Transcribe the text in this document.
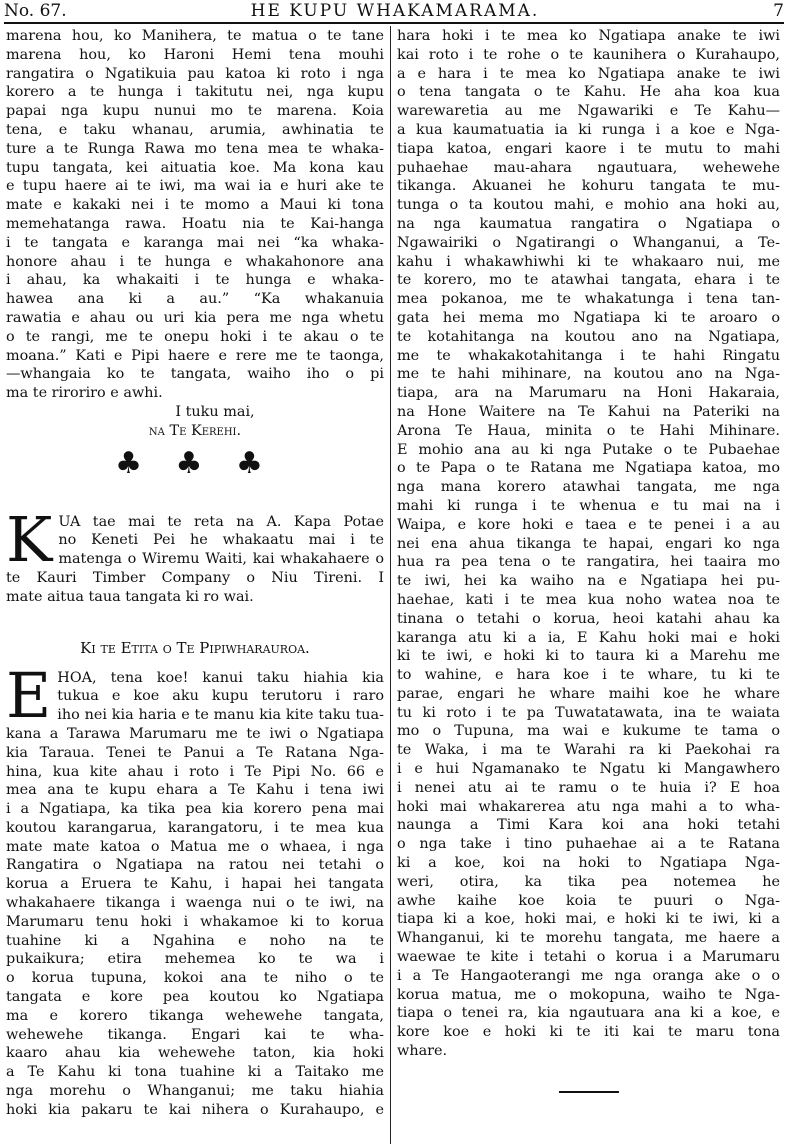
No. 67.	HE KUPU WHAKAMARAMA.	7
marena hou, ko Manihera, te matua o te tane
marena hou, ko Haroni Hemi tena mouhi
rangatira o Ngatikuia pau katoa ki roto i nga
korero a te hunga i takitutu nei, nga kupu
papai nga kupu nunui mo te marena. Koia
tena, e taku whanau, arumia, awhinatia te
ture a te Runga Rawa mo tena mea te whaka-
tupu tangata, kei aituatia koe. Ma kona kau
e tupu haere ai te iwi, ma wai ia e huri ake te
mate e kakaki nei i te momo a Maui ki tona
memehatanga rawa. Hoatu nia te Kai-hanga
i te tangata e karanga mai nei “ka whaka-
honore ahau i te hunga e whakahonore ana
i ahau, ka whakaiti i te hunga e whaka-
hawea ana ki a au.” “Ka whakanuia
rawatia e ahau ou uri kia pera me nga whetu
o te rangi, me te onepu hoki i te akau o te
moana.” Kati e Pipi haere e rere me te taonga,
—whangaia ko te tangata, waiho iho o pi
ma te riroriro e awhi.
I tuku mai,
na Te Kerehi.
♣ ♣ ♣
K UA tae mai te reta na A. Kapa Potae
no Keneti Pei he whakaatu mai i te
matenga o Wiremu Waiti, kai whakahaere o
te Kauri Timber Company o Niu Tireni. I
mate aitua taua tangata ki ro wai.
Ki te Etita o Te Pipiwharauroa.
E HOA, tena koe! kanui taku hiahia kia
tukua e koe aku kupu terutoru i raro
iho nei kia haria e te manu kia kite taku tua-
kana a Tarawa Marumaru me te iwi o Ngatiapa
kia Taraua. Tenei te Panui a Te Ratana Nga-
hina, kua kite ahau i roto i Te Pipi No. 66 e
mea ana te kupu ehara a Te Kahu i tena iwi
i a Ngatiapa, ka tika pea kia korero pena mai
koutou karangarua, karangatoru, i te mea kua
mate mate katoa o Matua me o whaea, i nga
Rangatira o Ngatiapa na ratou nei tetahi o
korua a Eruera te Kahu, i hapai hei tangata
whakahaere tikanga i waenga nui o te iwi, na
Marumaru tenu hoki i whakamoe ki to korua
tuahine ki a Ngahina e noho na te
pukaikura; etira mehemea ko te wa i
o korua tupuna, kokoi ana te niho o te
tangata e kore pea koutou ko Ngatiapa
ma e korero tikanga wehewehe tangata,
wehewehe tikanga. Engari kai te wha-
kaaro ahau kia wehewehe taton, kia hoki
a Te Kahu ki tona tuahine ki a Taitako me
nga morehu o Whanganui; me taku hiahia
hoki kia pakaru te kai nihera o Kurahaupo, e
hara hoki i te mea ko Ngatiapa anake te iwi
kai roto i te rohe o te kaunihera o Kurahaupo,
a e hara i te mea ko Ngatiapa anake te iwi
o tena tangata o te Kahu. He aha koa kua
warewaretia au me Ngawariki e Te Kahu—
a kua kaumatuatia ia ki runga i a koe e Nga-
tiapa katoa, engari kaore i te mutu to mahi
puhaehae mau-ahara ngautuara, wehewehe
tikanga. Akuanei he kohuru tangata te mu-
tunga o ta koutou mahi, e mohio ana hoki au,
na nga kaumatua rangatira o Ngatiapa o
Ngawairiki o Ngatirangi o Whanganui, a Te-
kahu i whakawhiwhi ki te whakaaro nui, me
te korero, mo te atawhai tangata, ehara i te
mea pokanoa, me te whakatunga i tena tan-
gata hei mema mo Ngatiapa ki te aroaro o
te kotahitanga na koutou ano na Ngatiapa,
me te whakakotahitanga i te hahi Ringatu
me te hahi mihinare, na koutou ano na Nga-
tiapa, ara na Marumaru na Honi Hakaraia,
na Hone Waitere na Te Kahui na Pateriki na
Arona Te Haua, minita o te Hahi Mihinare.
E mohio ana au ki nga Putake o te Pubaehae
o te Papa o te Ratana me Ngatiapa katoa, mo
nga mana korero atawhai tangata, me nga
mahi ki runga i te whenua e tu mai na i
Waipa, e kore hoki e taea e te penei i a au
nei ena ahua tikanga te hapai, engari ko nga
hua ra pea tena o te rangatira, hei taaira mo
te iwi, hei ka waiho na e Ngatiapa hei pu-
haehae, kati i te mea kua noho watea noa te
tinana o tetahi o korua, heoi katahi ahau ka
karanga atu ki a ia, E Kahu hoki mai e hoki
ki te iwi, e hoki ki to taura ki a Marehu me
to wahine, e hara koe i te whare, tu ki te
parae, engari he whare maihi koe he whare
tu ki roto i te pa Tuwatatawata, ina te waiata
mo o Tupuna, ma wai e kukume te tama o
te Waka, i ma te Warahi ra ki Paekohai ra
i e hui Ngamanako te Ngatu ki Mangawhero
i nenei atu ai te ramu o te huia i? E hoa
hoki mai whakarerea atu nga mahi a to wha-
naunga a Timi Kara koi ana hoki tetahi
o nga take i tino puhaehae ai a te Ratana
ki a koe, koi na hoki to Ngatiapa Nga-
weri, otira, ka tika pea notemea he
awhe kaihe koe koia te puuri o Nga-
tiapa ki a koe, hoki mai, e hoki ki te iwi, ki a
Whanganui, ki te morehu tangata, me haere a
waewae te kite i tetahi o korua i a Marumaru
i a Te Hangaoterangi me nga oranga ake o o
korua matua, me o mokopuna, waiho te Nga-
tiapa o tenei ra, kia ngautuara ana ki a koe, e
kore koe e hoki ki te iti kai te maru tona
whare.
